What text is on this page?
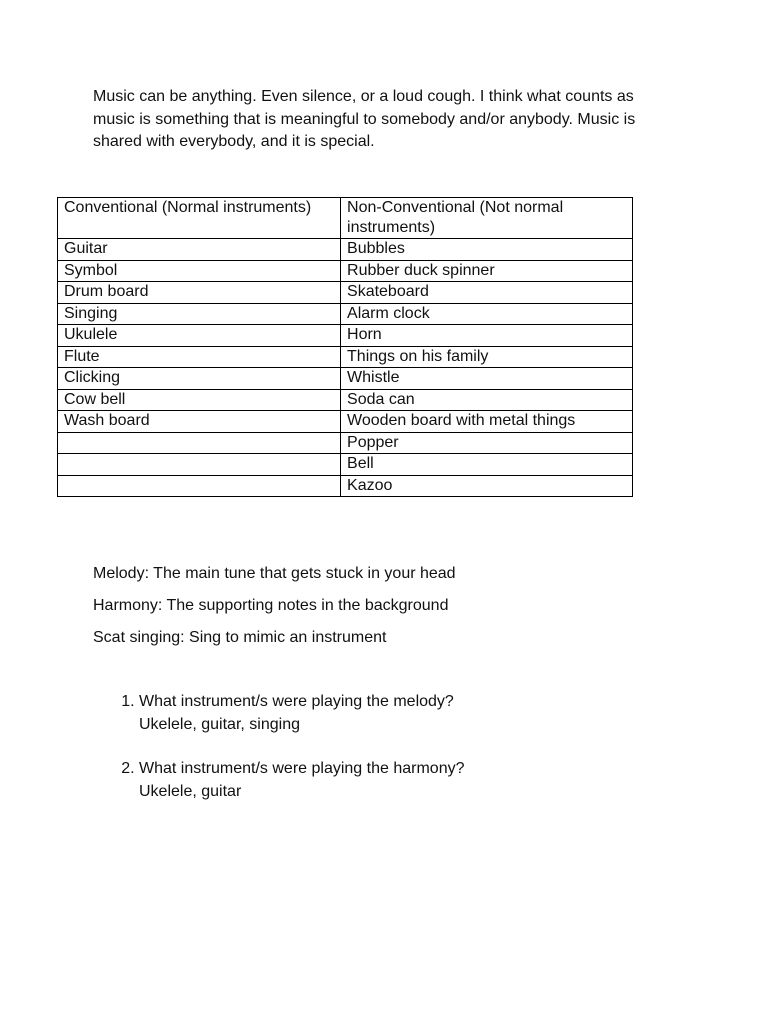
Music can be anything. Even silence, or a loud cough. I think what counts as music is something that is meaningful to somebody and/or anybody. Music is shared with everybody, and it is special.

Conventional (Normal instruments)	Non-Conventional (Not normal instruments)
Guitar	Bubbles
Symbol	Rubber duck spinner
Drum board	Skateboard
Singing	Alarm clock
Ukulele	Horn
Flute	Things on his family
Clicking	Whistle
Cow bell	Soda can
Wash board	Wooden board with metal things
	Popper
	Bell
	Kazoo

Melody: The main tune that gets stuck in your head

Harmony: The supporting notes in the background

Scat singing: Sing to mimic an instrument

1. What instrument/s were playing the melody?
Ukelele, guitar, singing
2. What instrument/s were playing the harmony?
Ukelele, guitar
